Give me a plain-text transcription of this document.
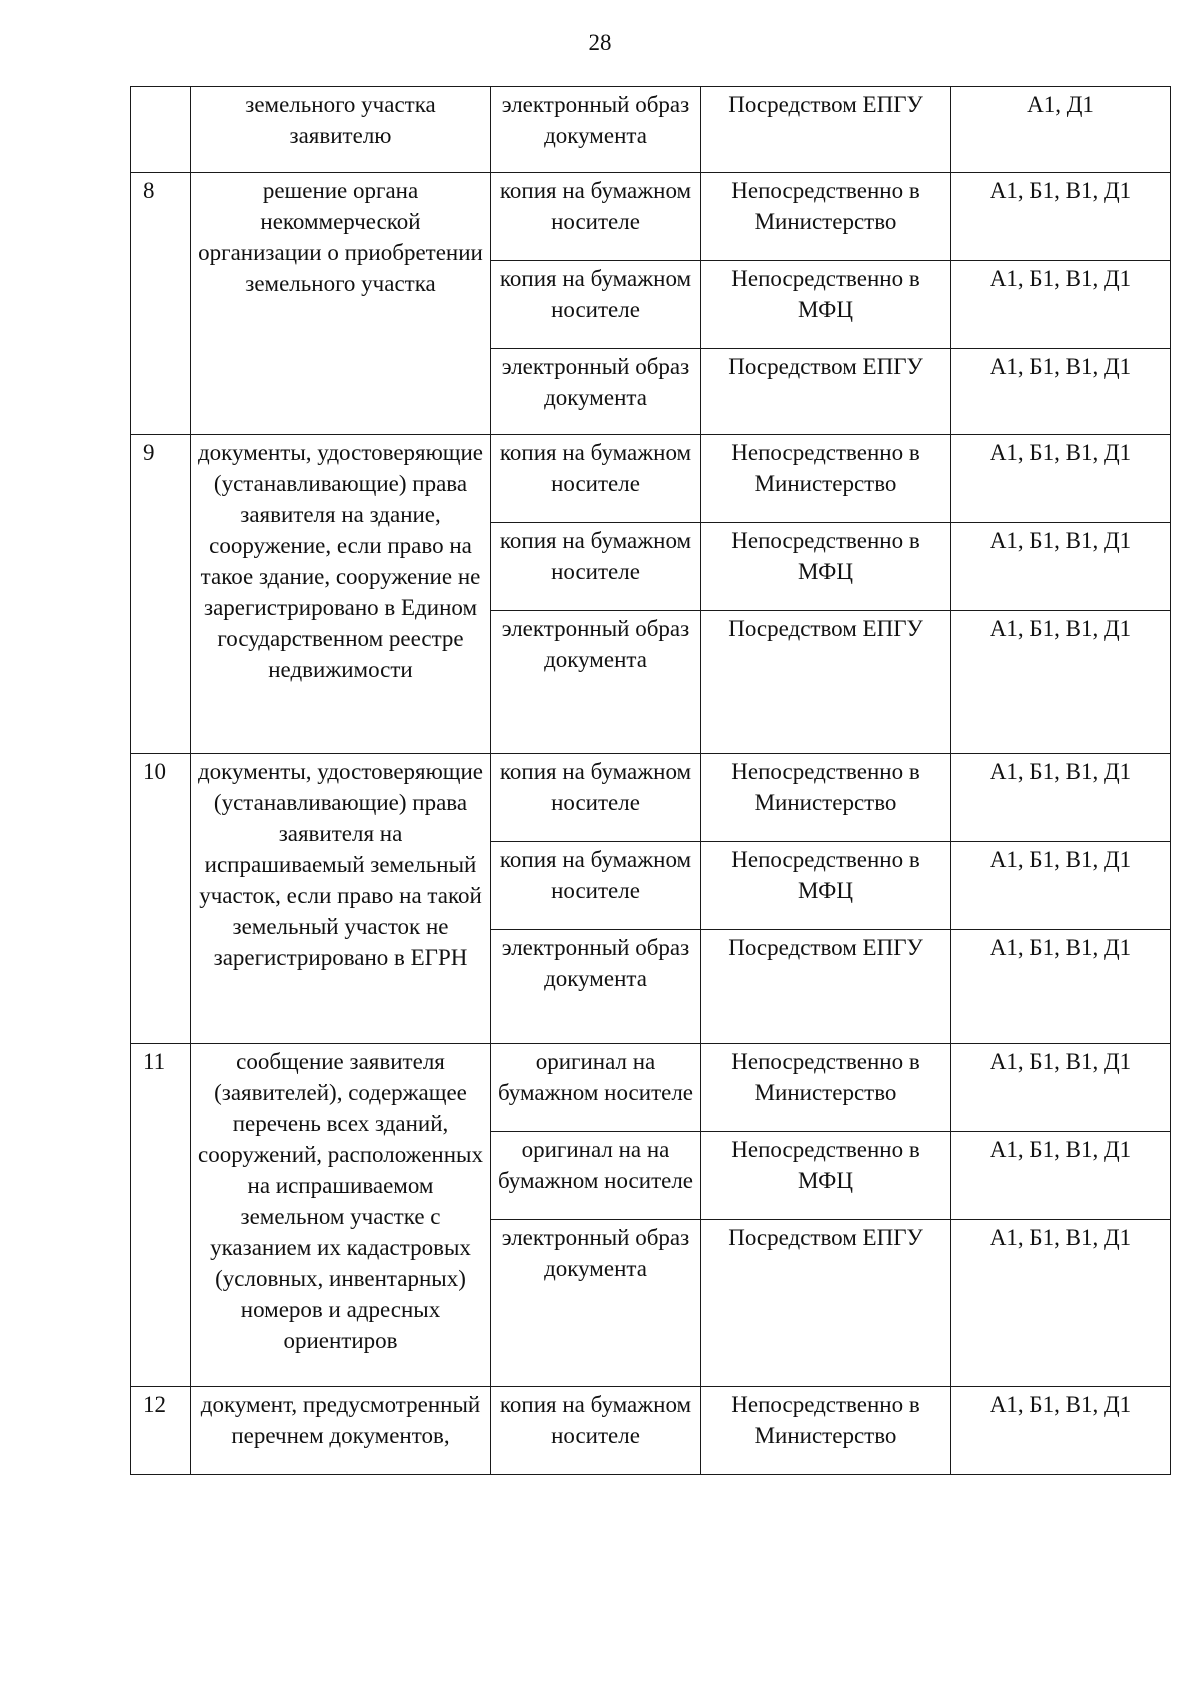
28
	земельного участка заявителю	электронный образ документа	Посредством ЕПГУ	А1, Д1
8	решение органа некоммерческой организации о приобретении земельного участка	копия на бумажном носителе	Непосредственно в Министерство	А1, Б1, В1, Д1
		копия на бумажном носителе	Непосредственно в МФЦ	А1, Б1, В1, Д1
		электронный образ документа	Посредством ЕПГУ	А1, Б1, В1, Д1
9	документы, удостоверяющие (устанавливающие) права заявителя на здание, сооружение, если право на такое здание, сооружение не зарегистрировано в Едином государственном реестре недвижимости	копия на бумажном носителе	Непосредственно в Министерство	А1, Б1, В1, Д1
		копия на бумажном носителе	Непосредственно в МФЦ	А1, Б1, В1, Д1
		электронный образ документа	Посредством ЕПГУ	А1, Б1, В1, Д1
10	документы, удостоверяющие (устанавливающие) права заявителя на испрашиваемый земельный участок, если право на такой земельный участок не зарегистрировано в ЕГРН	копия на бумажном носителе	Непосредственно в Министерство	А1, Б1, В1, Д1
		копия на бумажном носителе	Непосредственно в МФЦ	А1, Б1, В1, Д1
		электронный образ документа	Посредством ЕПГУ	А1, Б1, В1, Д1
11	сообщение заявителя (заявителей), содержащее перечень всех зданий, сооружений, расположенных на испрашиваемом земельном участке с указанием их кадастровых (условных, инвентарных) номеров и адресных ориентиров	оригинал на бумажном носителе	Непосредственно в Министерство	А1, Б1, В1, Д1
		оригинал на на бумажном носителе	Непосредственно в МФЦ	А1, Б1, В1, Д1
		электронный образ документа	Посредством ЕПГУ	А1, Б1, В1, Д1
12	документ, предусмотренный перечнем документов,	копия на бумажном носителе	Непосредственно в Министерство	А1, Б1, В1, Д1
